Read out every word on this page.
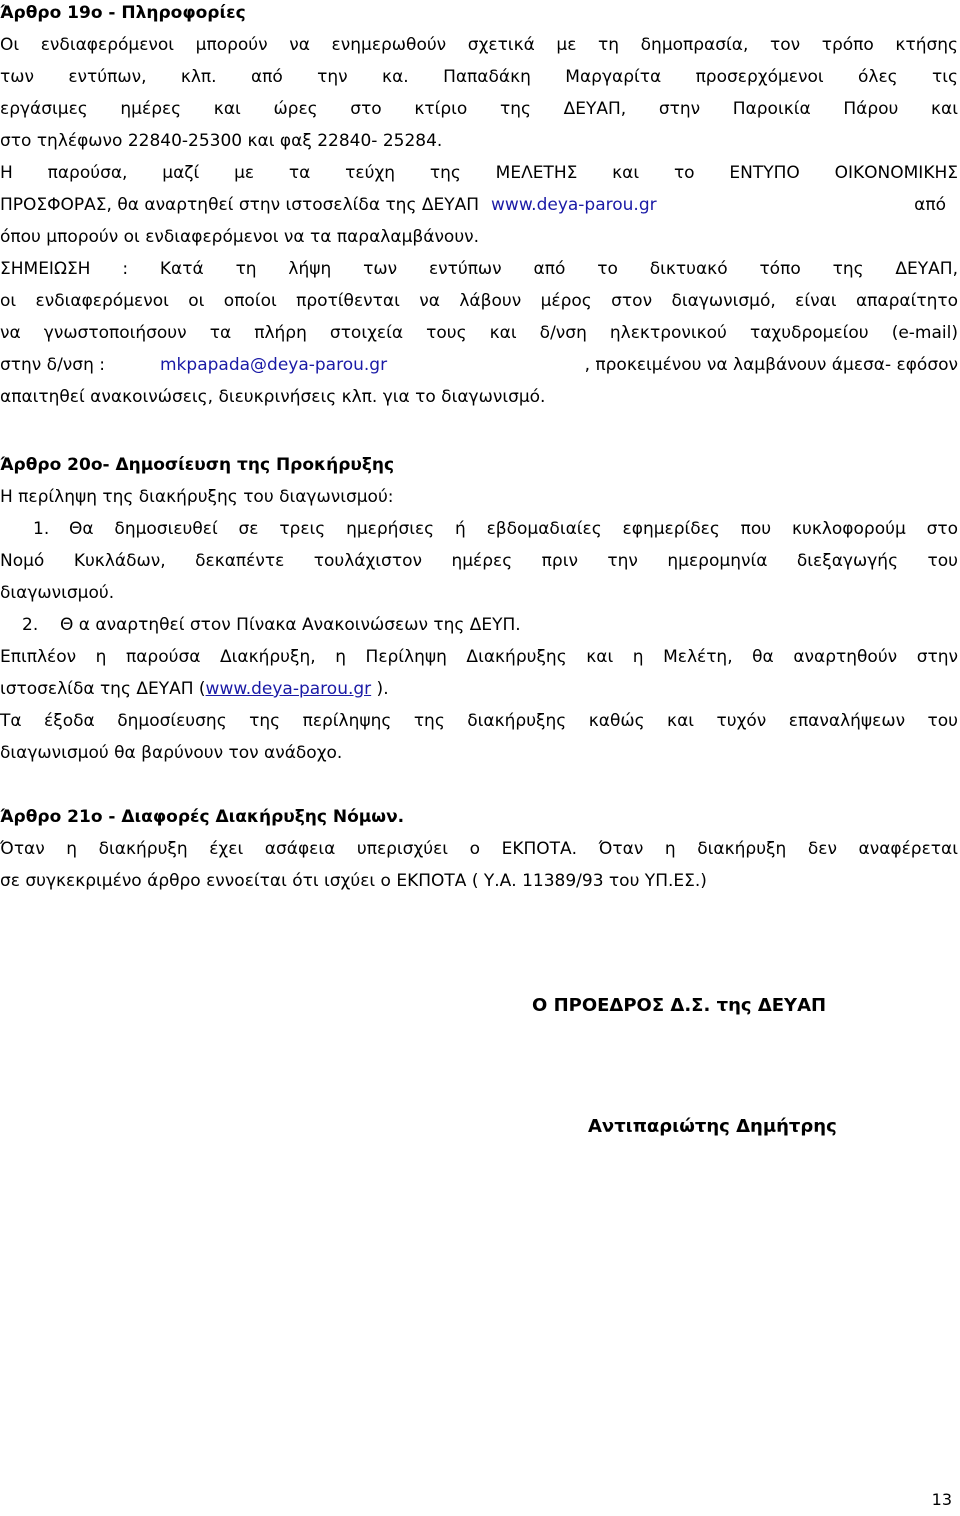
Άρθρο 19ο - Πληροφορίες
Οι ενδιαφερόμενοι μπορούν να ενημερωθούν σχετικά με τη δημοπρασία, τον τρόπο κτήσης
των εντύπων, κλπ. από την κα. Παπαδάκη Μαργαρίτα προσερχόμενοι όλες τις
εργάσιμες ημέρες και ώρες στο κτίριο της ΔΕΥΑΠ, στην Παροικία Πάρου και
στο τηλέφωνο 22840-25300 και φαξ 22840- 25284.
Η παρούσα, μαζί με τα τεύχη της ΜΕΛΕΤΗΣ και το ΕΝΤΥΠΟ ΟΙΚΟΝΟΜΙΚΗΣ
ΠΡΟΣΦΟΡΑΣ, θα αναρτηθεί στην ιστοσελίδα της ΔΕΥΑΠ www.deya-parou.gr	από
όπου μπορούν οι ενδιαφερόμενοι να τα παραλαμβάνουν.
ΣΗΜΕΙΩΣΗ : Κατά τη λήψη των εντύπων από το δικτυακό τόπο της ΔΕΥΑΠ,
οι ενδιαφερόμενοι οι οποίοι προτίθενται να λάβουν μέρος στον διαγωνισμό, είναι απαραίτητο
να γνωστοποιήσουν τα πλήρη στοιχεία τους και δ/νση ηλεκτρονικού ταχυδρομείου (e-mail)
στην δ/νση :	mkpapada@deya-parou.gr	, προκειμένου να λαμβάνουν άμεσα- εφόσον
απαιτηθεί ανακοινώσεις, διευκρινήσεις κλπ. για το διαγωνισμό.
Άρθρο 20ο- Δημοσίευση της Προκήρυξης
Η περίληψη της διακήρυξης του διαγωνισμού:
1.	Θα δημοσιευθεί σε τρεις ημερήσιες ή εβδομαδιαίες εφημερίδες που κυκλοφορούμ στο
Νομό Κυκλάδων, δεκαπέντε τουλάχιστον ημέρες πριν την ημερομηνία διεξαγωγής του
διαγωνισμού.
2.	Θ α αναρτηθεί στον Πίνακα Ανακοινώσεων της ΔΕΥΠ.
Επιπλέον η παρούσα Διακήρυξη, η Περίληψη Διακήρυξης και η Μελέτη, θα αναρτηθούν στην
ιστοσελίδα της ΔΕΥΑΠ (www.deya-parou.gr ).
Τα έξοδα δημοσίευσης της περίληψης της διακήρυξης καθώς και τυχόν επαναλήψεων του
διαγωνισμού θα βαρύνουν τον ανάδοχο.
Άρθρο 21ο - Διαφορές Διακήρυξης Νόμων.
Όταν η διακήρυξη έχει ασάφεια υπερισχύει ο ΕΚΠΟΤΑ. Όταν η διακήρυξη δεν αναφέρεται
σε συγκεκριμένο άρθρο εννοείται ότι ισχύει ο ΕΚΠΟΤΑ ( Υ.Α. 11389/93 του ΥΠ.ΕΣ.)
Ο ΠΡΟΕΔΡΟΣ Δ.Σ. της ΔΕΥΑΠ
Αντιπαριώτης Δημήτρης
13
